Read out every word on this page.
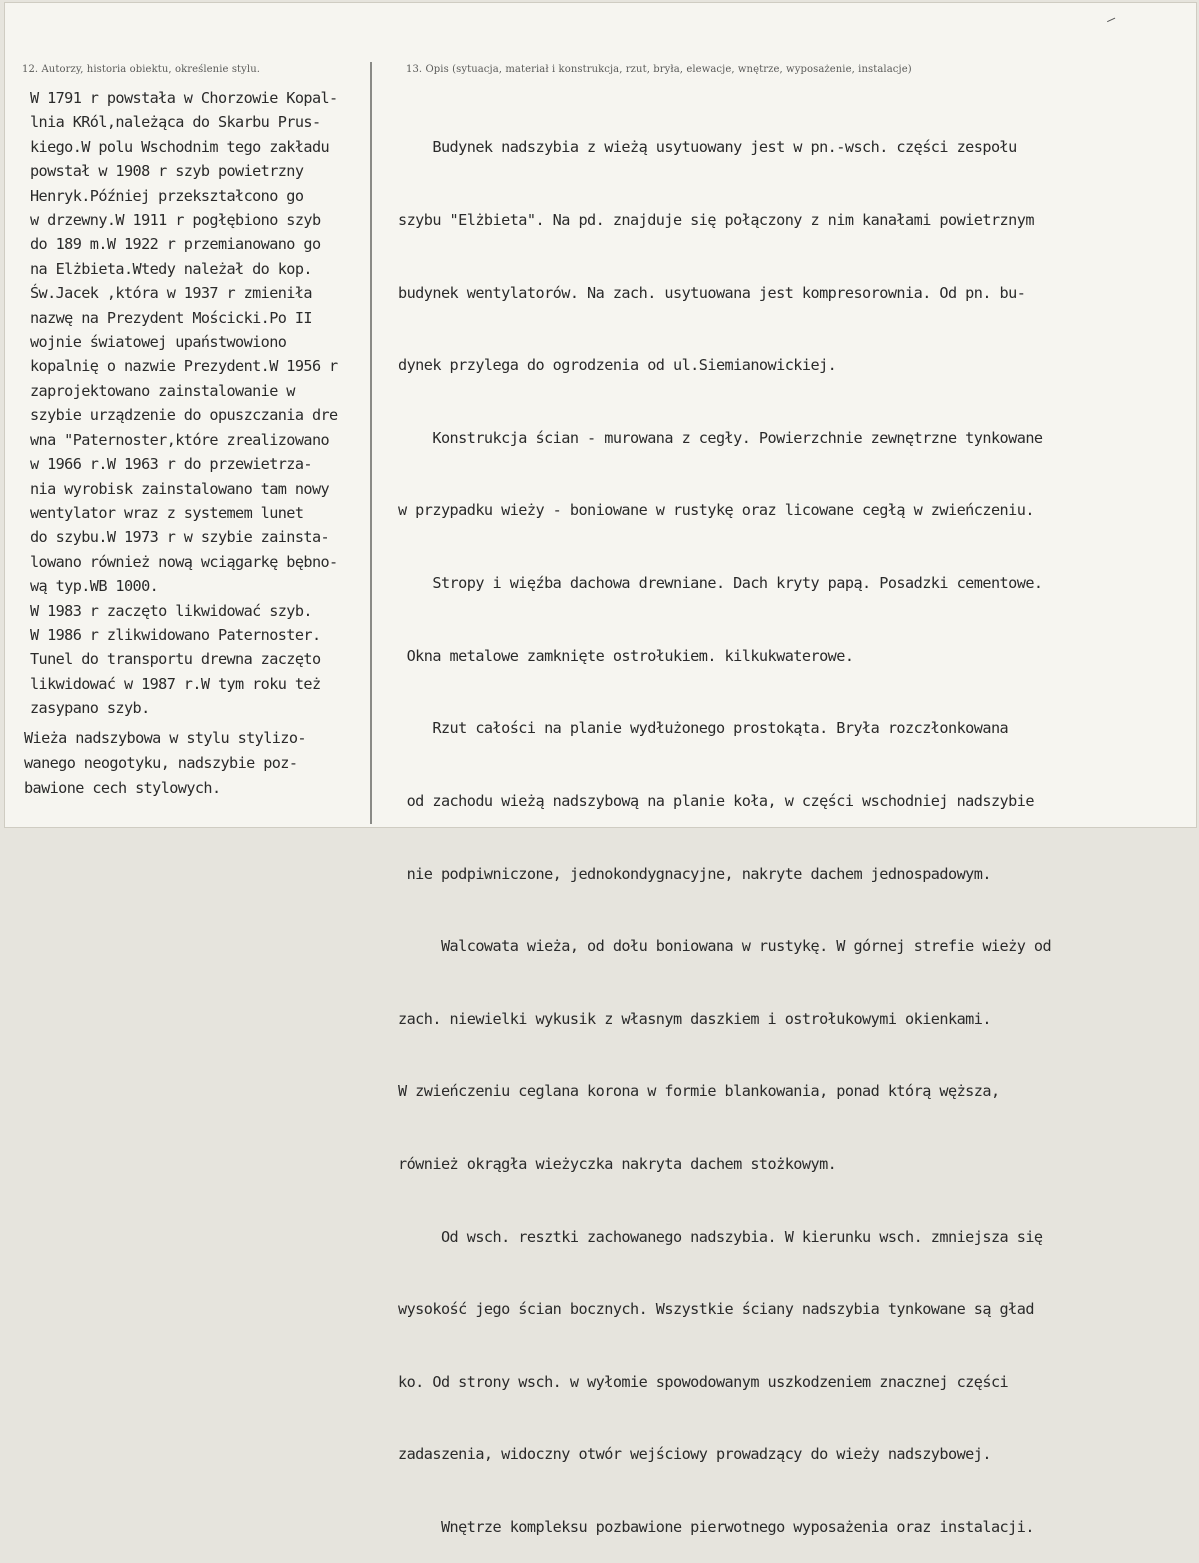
⸝
12. Autorzy, historia obiektu, określenie stylu.	13. Opis (sytuacja, materiał i konstrukcja, rzut, bryła, elewacje, wnętrze, wyposażenie, instalacje)
W 1791 r powstała w Chorzowie Kopal-
lnia KRól,należąca do Skarbu Prus-
kiego.W polu Wschodnim tego zakładu
powstał w 1908 r szyb powietrzny
Henryk.Później przekształcono go
w drzewny.W 1911 r pogłębiono szyb
do 189 m.W 1922 r przemianowano go
na Elżbieta.Wtedy należał do kop.
Św.Jacek ,która w 1937 r zmieniła
nazwę na Prezydent Mościcki.Po II
wojnie światowej upaństwowiono
kopalnię o nazwie Prezydent.W 1956 r
zaprojektowano zainstalowanie w
szybie urządzenie do opuszczania dre
wna "Paternoster,które zrealizowano
w 1966 r.W 1963 r do przewietrza-
nia wyrobisk zainstalowano tam nowy
wentylator wraz z systemem lunet
do szybu.W 1973 r w szybie zainsta-
lowano również nową wciągarkę bębno-
wą typ.WB 1000.
W 1983 r zaczęto likwidować szyb.
W 1986 r zlikwidowano Paternoster.
Tunel do transportu drewna zaczęto
likwidować w 1987 r.W tym roku też
zasypano szyb.
Wieża nadszybowa w stylu stylizo-
wanego neogotyku, nadszybie poz-
bawione cech stylowych.

Budynek nadszybia z wieżą usytuowany jest w pn.-wsch. części zespołu

szybu "Elżbieta". Na pd. znajduje się połączony z nim kanałami powietrznym

budynek wentylatorów. Na zach. usytuowana jest kompresorownia. Od pn. bu-

dynek przylega do ogrodzenia od ul.Siemianowickiej.

Konstrukcja ścian - murowana z cegły. Powierzchnie zewnętrzne tynkowane

w przypadku wieży - boniowane w rustykę oraz licowane cegłą w zwieńczeniu.

Stropy i więźba dachowa drewniane. Dach kryty papą. Posadzki cementowe.

Okna metalowe zamknięte ostrołukiem. kilkukwaterowe.

Rzut całości na planie wydłużonego prostokąta. Bryła rozczłonkowana

od zachodu wieżą nadszybową na planie koła, w części wschodniej nadszybie

nie podpiwniczone, jednokondygnacyjne, nakryte dachem jednospadowym.

Walcowata wieża, od dołu boniowana w rustykę. W górnej strefie wieży od

zach. niewielki wykusik z własnym daszkiem i ostrołukowymi okienkami.

W zwieńczeniu ceglana korona w formie blankowania, ponad którą węższa,

również okrągła wieżyczka nakryta dachem stożkowym.

Od wsch. resztki zachowanego nadszybia. W kierunku wsch. zmniejsza się

wysokość jego ścian bocznych. Wszystkie ściany nadszybia tynkowane są gład

ko. Od strony wsch. w wyłomie spowodowanym uszkodzeniem znacznej części

zadaszenia, widoczny otwór wejściowy prowadzący do wieży nadszybowej.

Wnętrze kompleksu pozbawione pierwotnego wyposażenia oraz instalacji.
